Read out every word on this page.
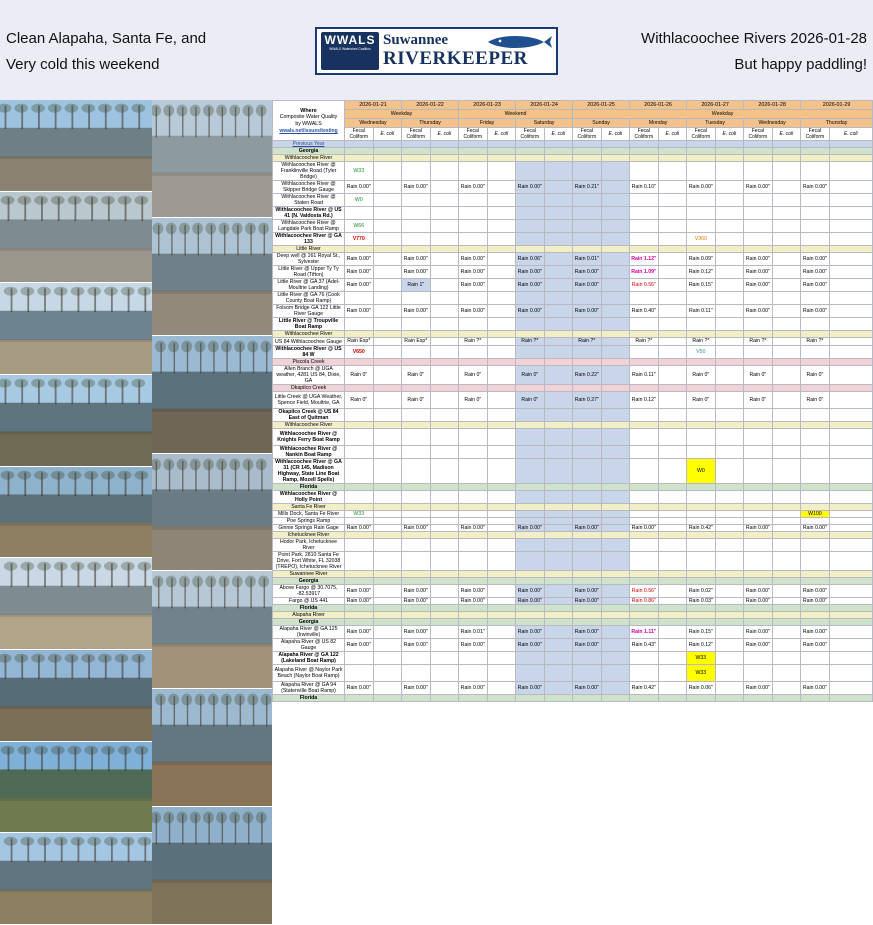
Clean Alapaha, Santa Fe, and
Very cold this weekend
Withlacoochee Rivers 2026-01-28
But happy paddling!
WWALS
WWALS Watershed Coalition
Suwannee
RIVERKEEPER
Where
Composite Water Quality
by WWALS
wwals.net/issues/testing	2026-01-21		2026-01-22		2026-01-23		2026-01-24		2026-01-25		2026-01-26		2026-01-27		2026-01-28		2026-01-29	
	Weekday				Weekend				Weekday									
	Wednesday		Thursday		Friday		Saturday		Sunday		Monday		Tuesday		Wednesday		Thursday	
	Fecal Coliform	E. coli	Fecal Coliform	E. coli	Fecal Coliform	E. coli	Fecal Coliform	E. coli	Fecal Coliform	E. coli	Fecal Coliform	E. coli	Fecal Coliform	E. coli	Fecal Coliform	E. coli	Fecal Coliform	E. coli
Previous Year																		
Georgia																		
Withlacoochee River																		
Withlacoochee River @ Franklinville Road (Tyler Bridge)	W33																	
Withlacoochee River @ Skipper Bridge Gauge	Rain 0.00"		Rain 0.00"		Rain 0.00"		Rain 0.00"		Rain 0.21"		Rain 0.10"		Rain 0.00"		Rain 0.00"		Rain 0.00"	
Withlacoochee River @ Staten Road	W0																	
Withlacoochee River @ US 41 (N. Valdosta Rd.)																		
Withlacoochee River @ Langdale Park Boat Ramp	W66																	
Withlacoochee River @ GA 133	V770												V360					
Little River																		
Deep well @ 161 Royal St., Sylvester	Rain 0.00"		Rain 0.00"		Rain 0.00"		Rain 0.06"		Rain 0.01"		Rain 1.12"		Rain 0.09"		Rain 0.00"		Rain 0.00"	
Little River @ Upper Ty Ty Road (Tifton)	Rain 0.00"		Rain 0.00"		Rain 0.00"		Rain 0.00"		Rain 0.00"		Rain 1.09"		Rain 0.12"		Rain 0.00"		Rain 0.00"	
Little River @ GA 37 (Adel-Moultrie Landing)	Rain 0.00"		Rain 1"		Rain 0.00"		Rain 0.00"		Rain 0.00"		Rain 0.56"		Rain 0.15"		Rain 0.00"		Rain 0.00"	
Little River @ GA 76 (Cook County Boat Ramp)																		
Folsom Bridge GA 122 Little River Gauge	Rain 0.00"		Rain 0.00"		Rain 0.00"		Rain 0.00"		Rain 0.00"		Rain 0.40"		Rain 0.11"		Rain 0.00"		Rain 0.00"	
Little River @ Troupville Boat Ramp																		
Withlacoochee River																		
US 84 Withlacoochee Gauge	Rain Esp*		Rain Esp*		Rain ?*		Rain ?*		Rain ?*		Rain ?*		Rain ?*		Rain ?*		Rain ?*	
Withlacoochee River @ US 84 W	V650												V50					
Piscola Creek																		
Allen Branch @ UGA weather, 4281 US 84, Dixie, GA	Rain 0"		Rain 0"		Rain 0"		Rain 0"		Rain 0.22"		Rain 0.11"		Rain 0"		Rain 0"		Rain 0"	
Okapilco Creek																		
Little Creek @ UGA Weather, Spence Field, Moultrie, GA	Rain 0"		Rain 0"		Rain 0"		Rain 0"		Rain 0.27"		Rain 0.12"		Rain 0"		Rain 0"		Rain 0"	
Okapilco Creek @ US 84 East of Quitman																		
Withlacoochee River																		
Withlacoochee River @ Knights Ferry Boat Ramp																		
Withlacoochee River @ Nankin Boat Ramp																		
Withlacoochee River @ GA 31 (CR 145, Madison Highway, State Line Boat Ramp, Mozell Spells)													W0					
Florida																		
Withlacoochee River @ Holly Point																		
Santa Fe River																		
Mills Dock, Santa Fe River	W33																W100	
Poe Springs Ramp																		
Ginnie Springs Rain Gage	Rain 0.00"		Rain 0.00"		Rain 0.00"		Rain 0.00"		Rain 0.00"		Rain 0.00"		Rain 0.42"		Rain 0.00"		Rain 0.00"	
Ichetucknee River																		
Hodor Park, Ichetucknee River																		
Point Park, 2810 Santa Fe Drive, Fort White, FL 32038 (TREPO), Ichetucknee River																		
Suwannee River																		
Georgia																		
Above Fargo @ 30.7075, -82.53917	Rain 0.00"		Rain 0.00"		Rain 0.00"		Rain 0.00"		Rain 0.00"		Rain 0.56"		Rain 0.02"		Rain 0.00"		Rain 0.00"	
Fargo @ US 441	Rain 0.00"		Rain 0.00"		Rain 0.00"		Rain 0.00"		Rain 0.00"		Rain 0.86"		Rain 0.03"		Rain 0.00"		Rain 0.00"	
Florida																		
Alapaha River																		
Georgia																		
Alapaha River @ GA 125 (Irwinville)	Rain 0.00"		Rain 0.00"		Rain 0.01"		Rain 0.00"		Rain 0.00"		Rain 1.11"		Rain 0.15"		Rain 0.00"		Rain 0.00"	
Alapaha River @ US 82 Gauge	Rain 0.00"		Rain 0.00"		Rain 0.00"		Rain 0.00"		Rain 0.00"		Rain 0.43"		Rain 0.12"		Rain 0.00"		Rain 0.00"	
Alapaha River @ GA 122 (Lakeland Boat Ramp)													W33					
Alapaha River @ Naylor Park Beach (Naylor Boat Ramp)													W33					
Alapaha River @ GA 94 (Statenville Boat Ramp)	Rain 0.00"		Rain 0.00"		Rain 0.00"		Rain 0.00"		Rain 0.00"		Rain 0.42"		Rain 0.06"		Rain 0.00"		Rain 0.00"	
Florida																		
